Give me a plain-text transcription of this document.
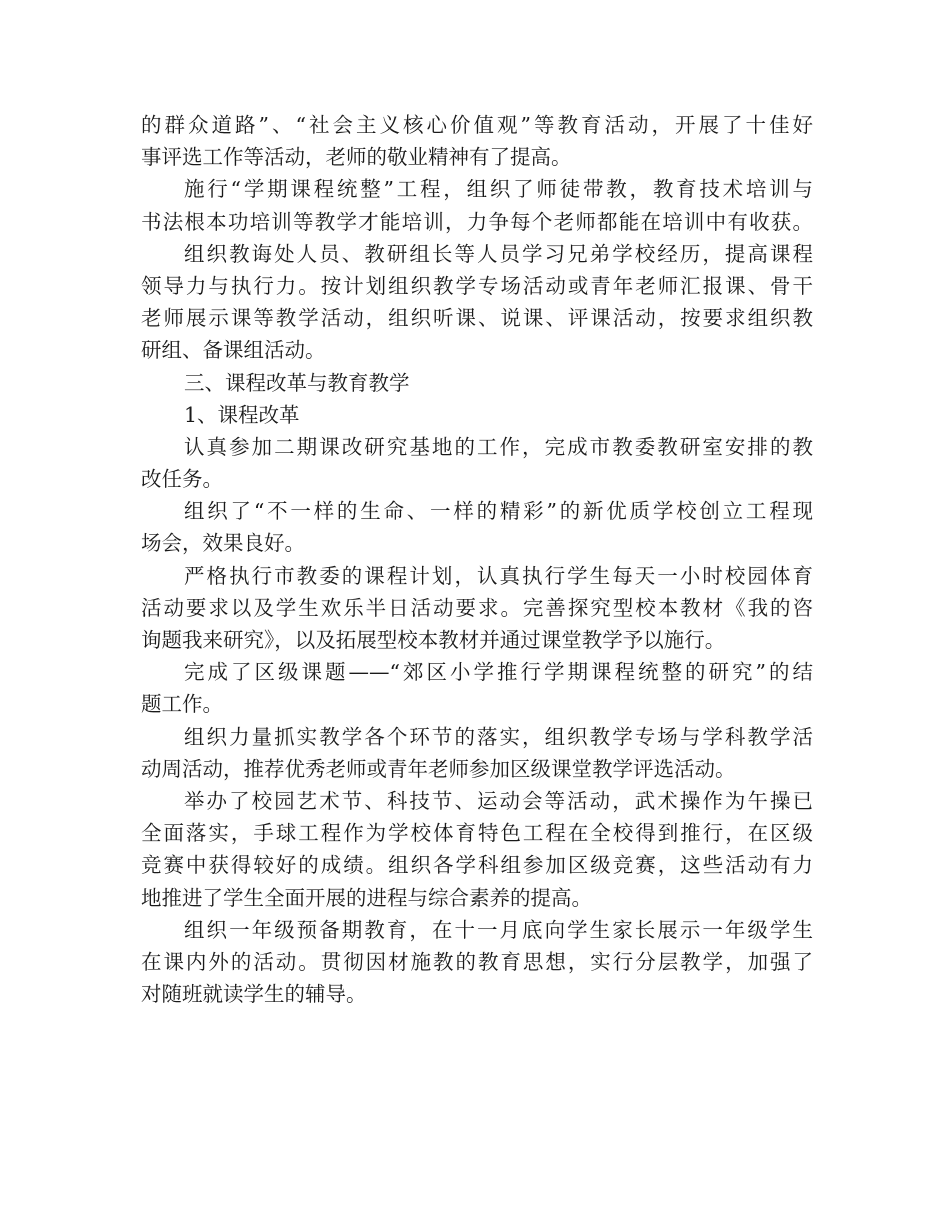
的群众道路”、“社会主义核心价值观”等教育活动，开展了十佳好
事评选工作等活动，老师的敬业精神有了提高。
施行“学期课程统整”工程，组织了师徒带教，教育技术培训与
书法根本功培训等教学才能培训，力争每个老师都能在培训中有收获。
组织教诲处人员、教研组长等人员学习兄弟学校经历，提高课程
领导力与执行力。按计划组织教学专场活动或青年老师汇报课、骨干
老师展示课等教学活动，组织听课、说课、评课活动，按要求组织教
研组、备课组活动。
三、课程改革与教育教学
1、课程改革
认真参加二期课改研究基地的工作，完成市教委教研室安排的教
改任务。
组织了“不一样的生命、一样的精彩”的新优质学校创立工程现
场会，效果良好。
严格执行市教委的课程计划，认真执行学生每天一小时校园体育
活动要求以及学生欢乐半日活动要求。完善探究型校本教材《我的咨
询题我来研究》，以及拓展型校本教材并通过课堂教学予以施行。
完成了区级课题——“郊区小学推行学期课程统整的研究”的结
题工作。
组织力量抓实教学各个环节的落实，组织教学专场与学科教学活
动周活动，推荐优秀老师或青年老师参加区级课堂教学评选活动。
举办了校园艺术节、科技节、运动会等活动，武术操作为午操已
全面落实，手球工程作为学校体育特色工程在全校得到推行，在区级
竞赛中获得较好的成绩。组织各学科组参加区级竞赛，这些活动有力
地推进了学生全面开展的进程与综合素养的提高。
组织一年级预备期教育，在十一月底向学生家长展示一年级学生
在课内外的活动。贯彻因材施教的教育思想，实行分层教学，加强了
对随班就读学生的辅导。
